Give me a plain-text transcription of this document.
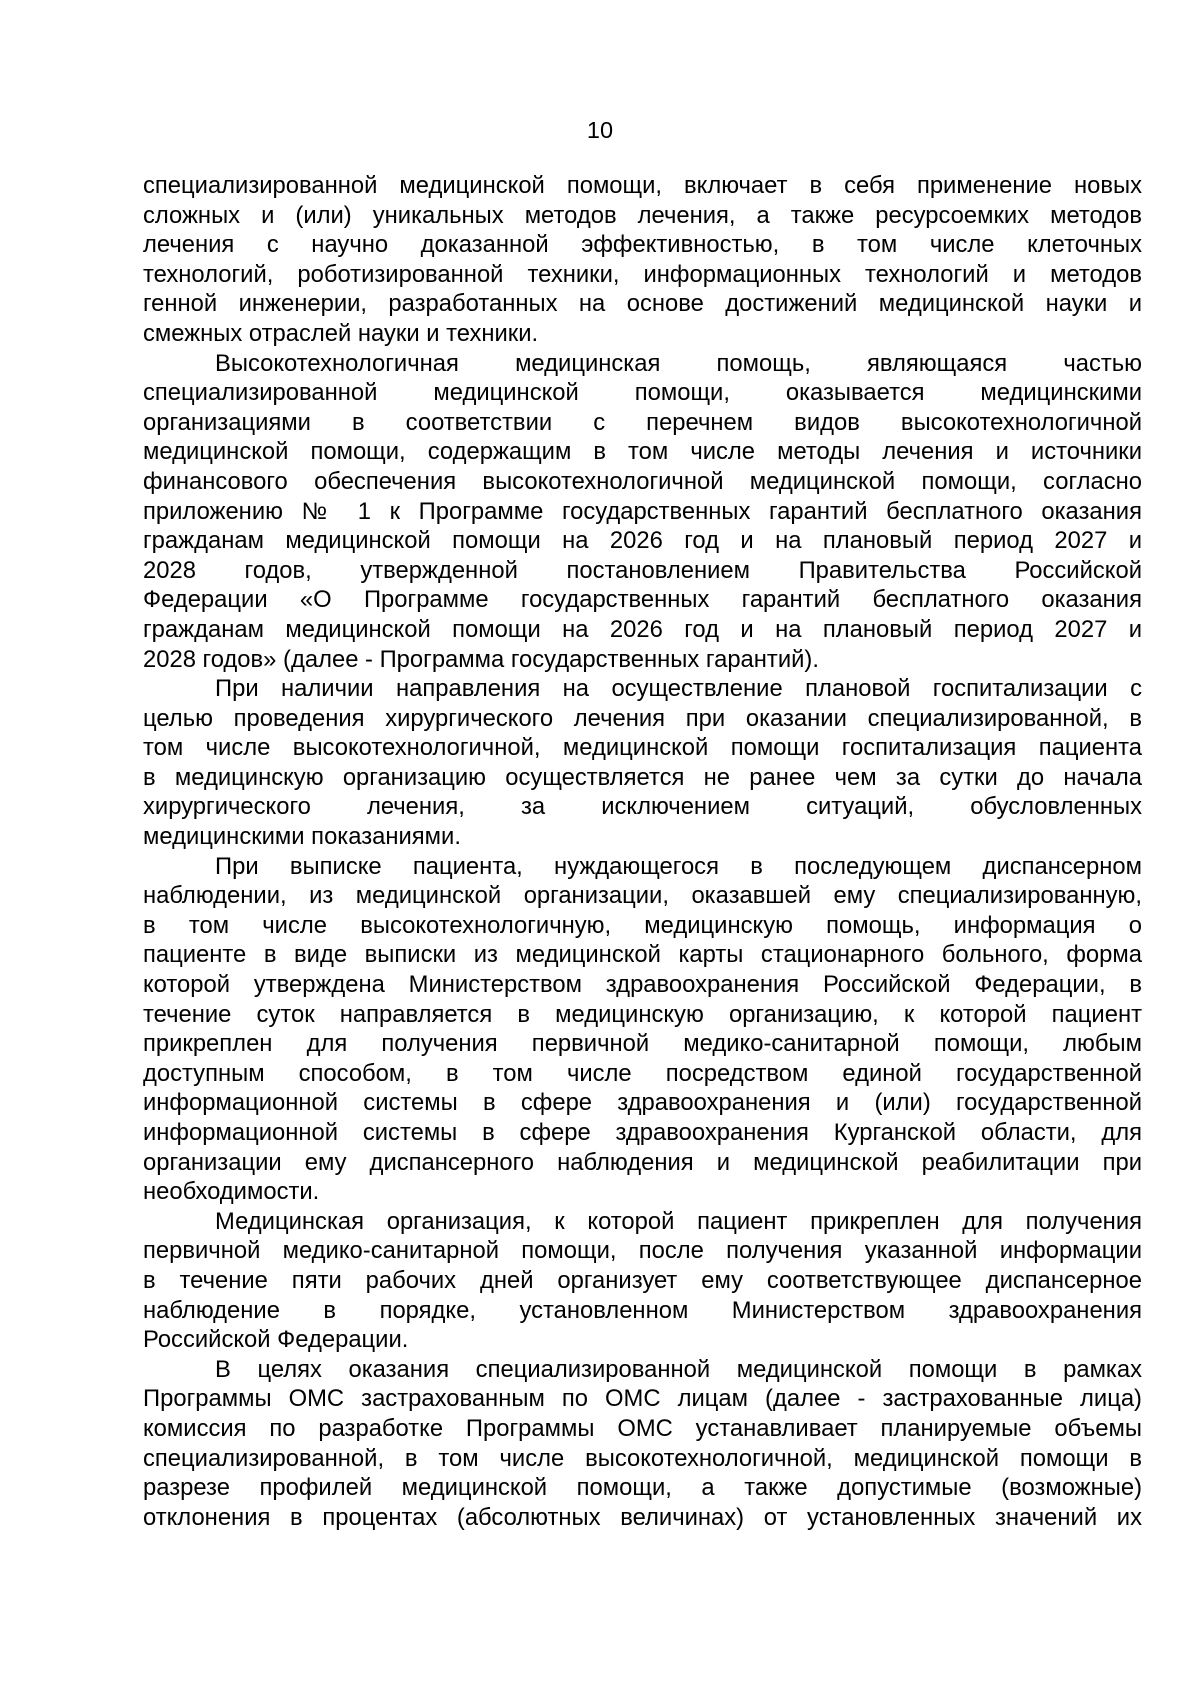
10

специализированной медицинской помощи, включает в себя применение новых
сложных и (или) уникальных методов лечения, а также ресурсоемких методов
лечения с научно доказанной эффективностью, в том числе клеточных
технологий, роботизированной техники, информационных технологий и методов
генной инженерии, разработанных на основе достижений медицинской науки и
смежных отраслей науки и техники.

Высокотехнологичная медицинская помощь, являющаяся частью
специализированной медицинской помощи, оказывается медицинскими
организациями в соответствии с перечнем видов высокотехнологичной
медицинской помощи, содержащим в том числе методы лечения и источники
финансового обеспечения высокотехнологичной медицинской помощи, согласно
приложению № 1 к Программе государственных гарантий бесплатного оказания
гражданам медицинской помощи на 2026 год и на плановый период 2027 и
2028 годов, утвержденной постановлением Правительства Российской
Федерации «О Программе государственных гарантий бесплатного оказания
гражданам медицинской помощи на 2026 год и на плановый период 2027 и
2028 годов» (далее - Программа государственных гарантий).

При наличии направления на осуществление плановой госпитализации с
целью проведения хирургического лечения при оказании специализированной, в
том числе высокотехнологичной, медицинской помощи госпитализация пациента
в медицинскую организацию осуществляется не ранее чем за сутки до начала
хирургического лечения, за исключением ситуаций, обусловленных
медицинскими показаниями.

При выписке пациента, нуждающегося в последующем диспансерном
наблюдении, из медицинской организации, оказавшей ему специализированную,
в том числе высокотехнологичную, медицинскую помощь, информация о
пациенте в виде выписки из медицинской карты стационарного больного, форма
которой утверждена Министерством здравоохранения Российской Федерации, в
течение суток направляется в медицинскую организацию, к которой пациент
прикреплен для получения первичной медико-санитарной помощи, любым
доступным способом, в том числе посредством единой государственной
информационной системы в сфере здравоохранения и (или) государственной
информационной системы в сфере здравоохранения Курганской области, для
организации ему диспансерного наблюдения и медицинской реабилитации при
необходимости.

Медицинская организация, к которой пациент прикреплен для получения
первичной медико-санитарной помощи, после получения указанной информации
в течение пяти рабочих дней организует ему соответствующее диспансерное
наблюдение в порядке, установленном Министерством здравоохранения
Российской Федерации.

В целях оказания специализированной медицинской помощи в рамках
Программы ОМС застрахованным по ОМС лицам (далее - застрахованные лица)
комиссия по разработке Программы ОМС устанавливает планируемые объемы
специализированной, в том числе высокотехнологичной, медицинской помощи в
разрезе профилей медицинской помощи, а также допустимые (возможные)
отклонения в процентах (абсолютных величинах) от установленных значений их
